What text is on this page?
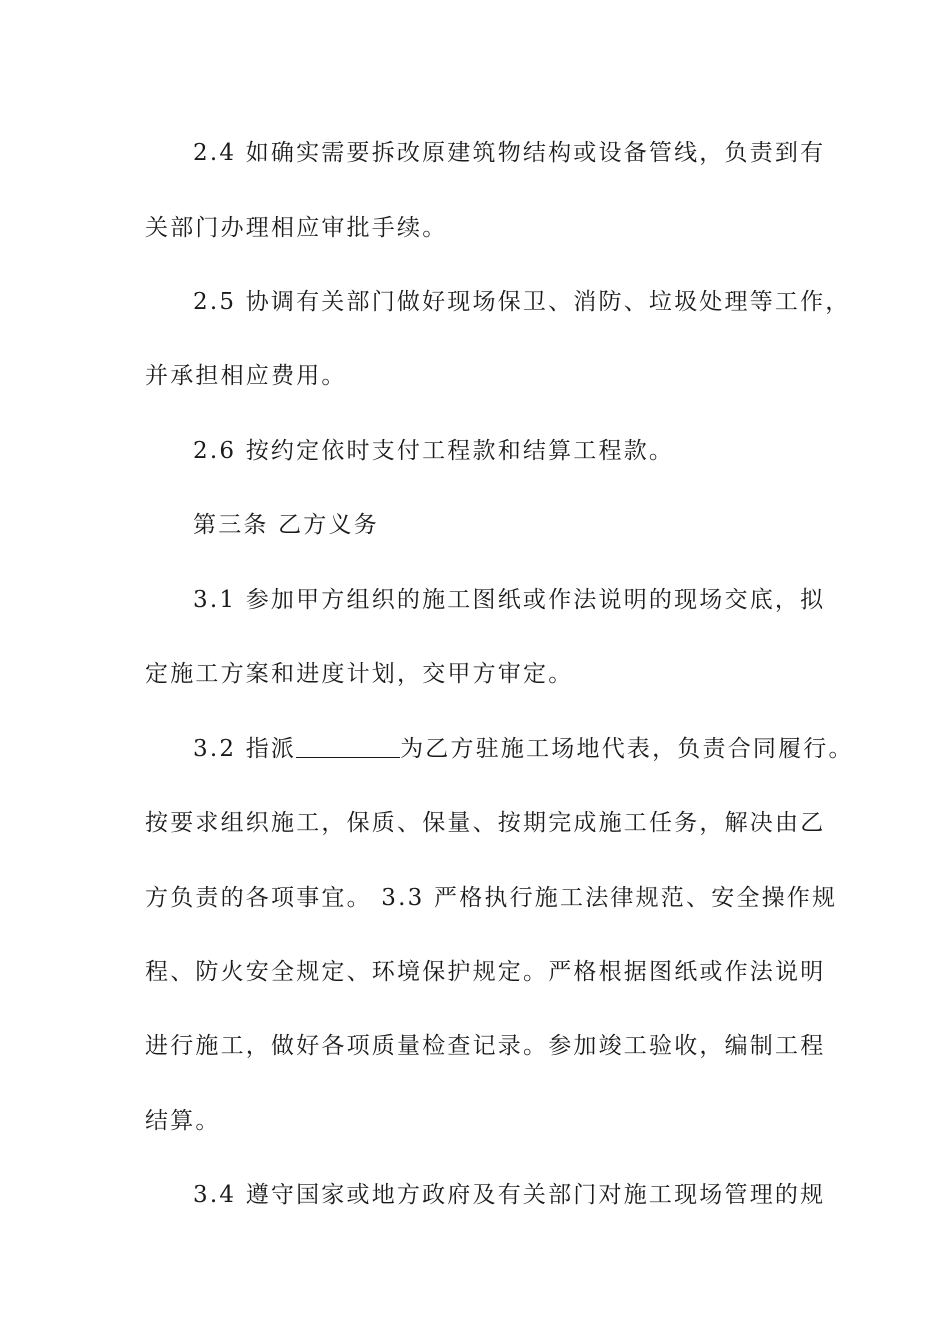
2.4 如确实需要拆改原建筑物结构或设备管线，负责到有
关部门办理相应审批手续。
2.5 协调有关部门做好现场保卫、消防、垃圾处理等工作，
并承担相应费用。
2.6 按约定依时支付工程款和结算工程款。
第三条 乙方义务
3.1 参加甲方组织的施工图纸或作法说明的现场交底，拟
定施工方案和进度计划，交甲方审定。
3.2 指派	为乙方驻施工场地代表，负责合同履行。
按要求组织施工，保质、保量、按期完成施工任务，解决由乙
方负责的各项事宜。 3.3 严格执行施工法律规范、安全操作规
程、防火安全规定、环境保护规定。严格根据图纸或作法说明
进行施工，做好各项质量检查记录。参加竣工验收，编制工程
结算。
3.4 遵守国家或地方政府及有关部门对施工现场管理的规
